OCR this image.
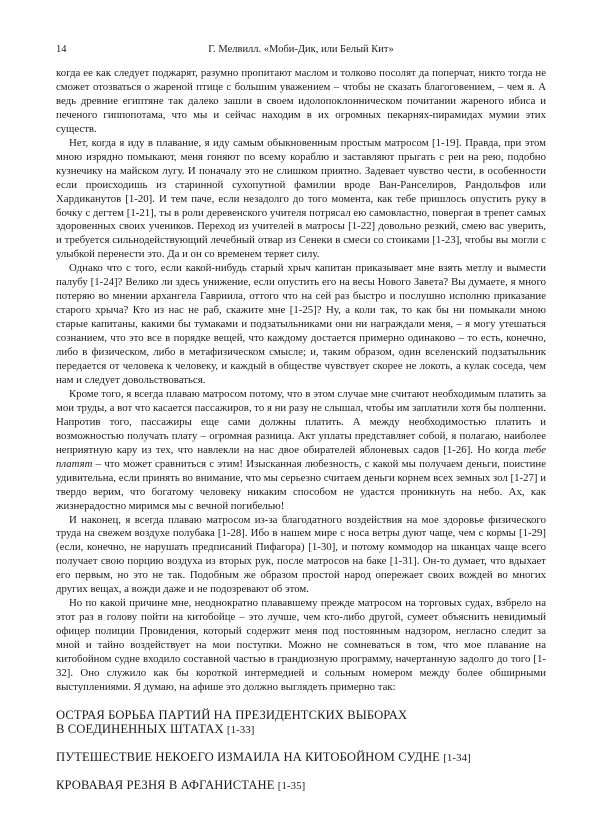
14	Г. Мелвилл. «Моби-Дик, или Белый Кит»

когда ее как следует поджарят, разумно пропитают маслом и толково посолят да поперчат, никто тогда не сможет отозваться о жареной птице с большим уважением – чтобы не сказать благоговением, – чем я. А ведь древние египтяне так далеко зашли в своем идолопоклонническом почитании жареного ибиса и печеного гиппопотама, что мы и сейчас находим в их огромных пекарнях-пирамидах мумии этих существ.

Нет, когда я иду в плавание, я иду самым обыкновенным простым матросом [1-19]. Правда, при этом мною изрядно помыкают, меня гоняют по всему кораблю и заставляют прыгать с реи на рею, подобно кузнечику на майском лугу. И поначалу это не слишком приятно. Задевает чувство чести, в особенности если происходишь из старинной сухопутной фамилии вроде Ван-Ранселиров, Рандольфов или Хардиканутов [1-20]. И тем паче, если незадолго до того момента, как тебе пришлось опустить руку в бочку с дегтем [1-21], ты в роли деревенского учителя потрясал ею самовластно, повергая в трепет самых здоровенных своих учеников. Переход из учителей в матросы [1-22] довольно резкий, смею вас уверить, и требуется сильнодействующий лечебный отвар из Сенеки в смеси со стоиками [1-23], чтобы вы могли с улыбкой перенести это. Да и он со временем теряет силу.

Однако что с того, если какой-нибудь старый хрыч капитан приказывает мне взять метлу и вымести палубу [1-24]? Велико ли здесь унижение, если опустить его на весы Нового Завета? Вы думаете, я много потеряю во мнении архангела Гавриила, оттого что на сей раз быстро и послушно исполню приказание старого хрыча? Кто из нас не раб, скажите мне [1-25]? Ну, а коли так, то как бы ни помыкали мною старые капитаны, какими бы тумаками и подзатыльниками они ни награждали меня, – я могу утешаться сознанием, что это все в порядке вещей, что каждому достается примерно одинаково – то есть, конечно, либо в физическом, либо в метафизическом смысле; и, таким образом, один вселенский подзатыльник передается от человека к человеку, и каждый в обществе чувствует скорее не локоть, а кулак соседа, чем нам и следует довольствоваться.

Кроме того, я всегда плаваю матросом потому, что в этом случае мне считают необходимым платить за мои труды, а вот что касается пассажиров, то я ни разу не слышал, чтобы им заплатили хотя бы полпенни. Напротив того, пассажиры еще сами должны платить. А между необходимостью платить и возможностью получать плату – огромная разница. Акт уплаты представляет собой, я полагаю, наиболее неприятную кару из тех, что навлекли на нас двое обирателей яблоневых садов [1-26]. Но когда тебе платят – что может сравниться с этим! Изысканная любезность, с какой мы получаем деньги, поистине удивительна, если принять во внимание, что мы серьезно считаем деньги корнем всех земных зол [1-27] и твердо верим, что богатому человеку никаким способом не удастся проникнуть на небо. Ах, как жизнерадостно миримся мы с вечной погибелью!

И наконец, я всегда плаваю матросом из-за благодатного воздействия на мое здоровье физического труда на свежем воздухе полубака [1-28]. Ибо в нашем мире с носа ветры дуют чаще, чем с кормы [1-29] (если, конечно, не нарушать предписаний Пифагора) [1-30], и потому коммодор на шканцах чаще всего получает свою порцию воздуха из вторых рук, после матросов на баке [1-31]. Он-то думает, что вдыхает его первым, но это не так. Подобным же образом простой народ опережает своих вождей во многих других вещах, а вожди даже и не подозревают об этом.

Но по какой причине мне, неоднократно плававшему прежде матросом на торговых судах, взбрело на этот раз в голову пойти на китобойце – это лучше, чем кто-либо другой, сумеет объяснить невидимый офицер полиции Провидения, который содержит меня под постоянным надзором, негласно следит за мной и тайно воздействует на мои поступки. Можно не сомневаться в том, что мое плавание на китобойном судне входило составной частью в грандиозную программу, начертанную задолго до того [1-32]. Оно служило как бы короткой интермедией и сольным номером между более обширными выступлениями. Я думаю, на афише это должно выглядеть примерно так:

ОСТРАЯ БОРЬБА ПАРТИЙ НА ПРЕЗИДЕНТСКИХ ВЫБОРАХ
В СОЕДИНЕННЫХ ШТАТАХ [1-33]
ПУТЕШЕСТВИЕ НЕКОЕГО ИЗМАИЛА НА КИТОБОЙНОМ СУДНЕ [1-34]
КРОВАВАЯ РЕЗНЯ В АФГАНИСТАНЕ [1-35]
